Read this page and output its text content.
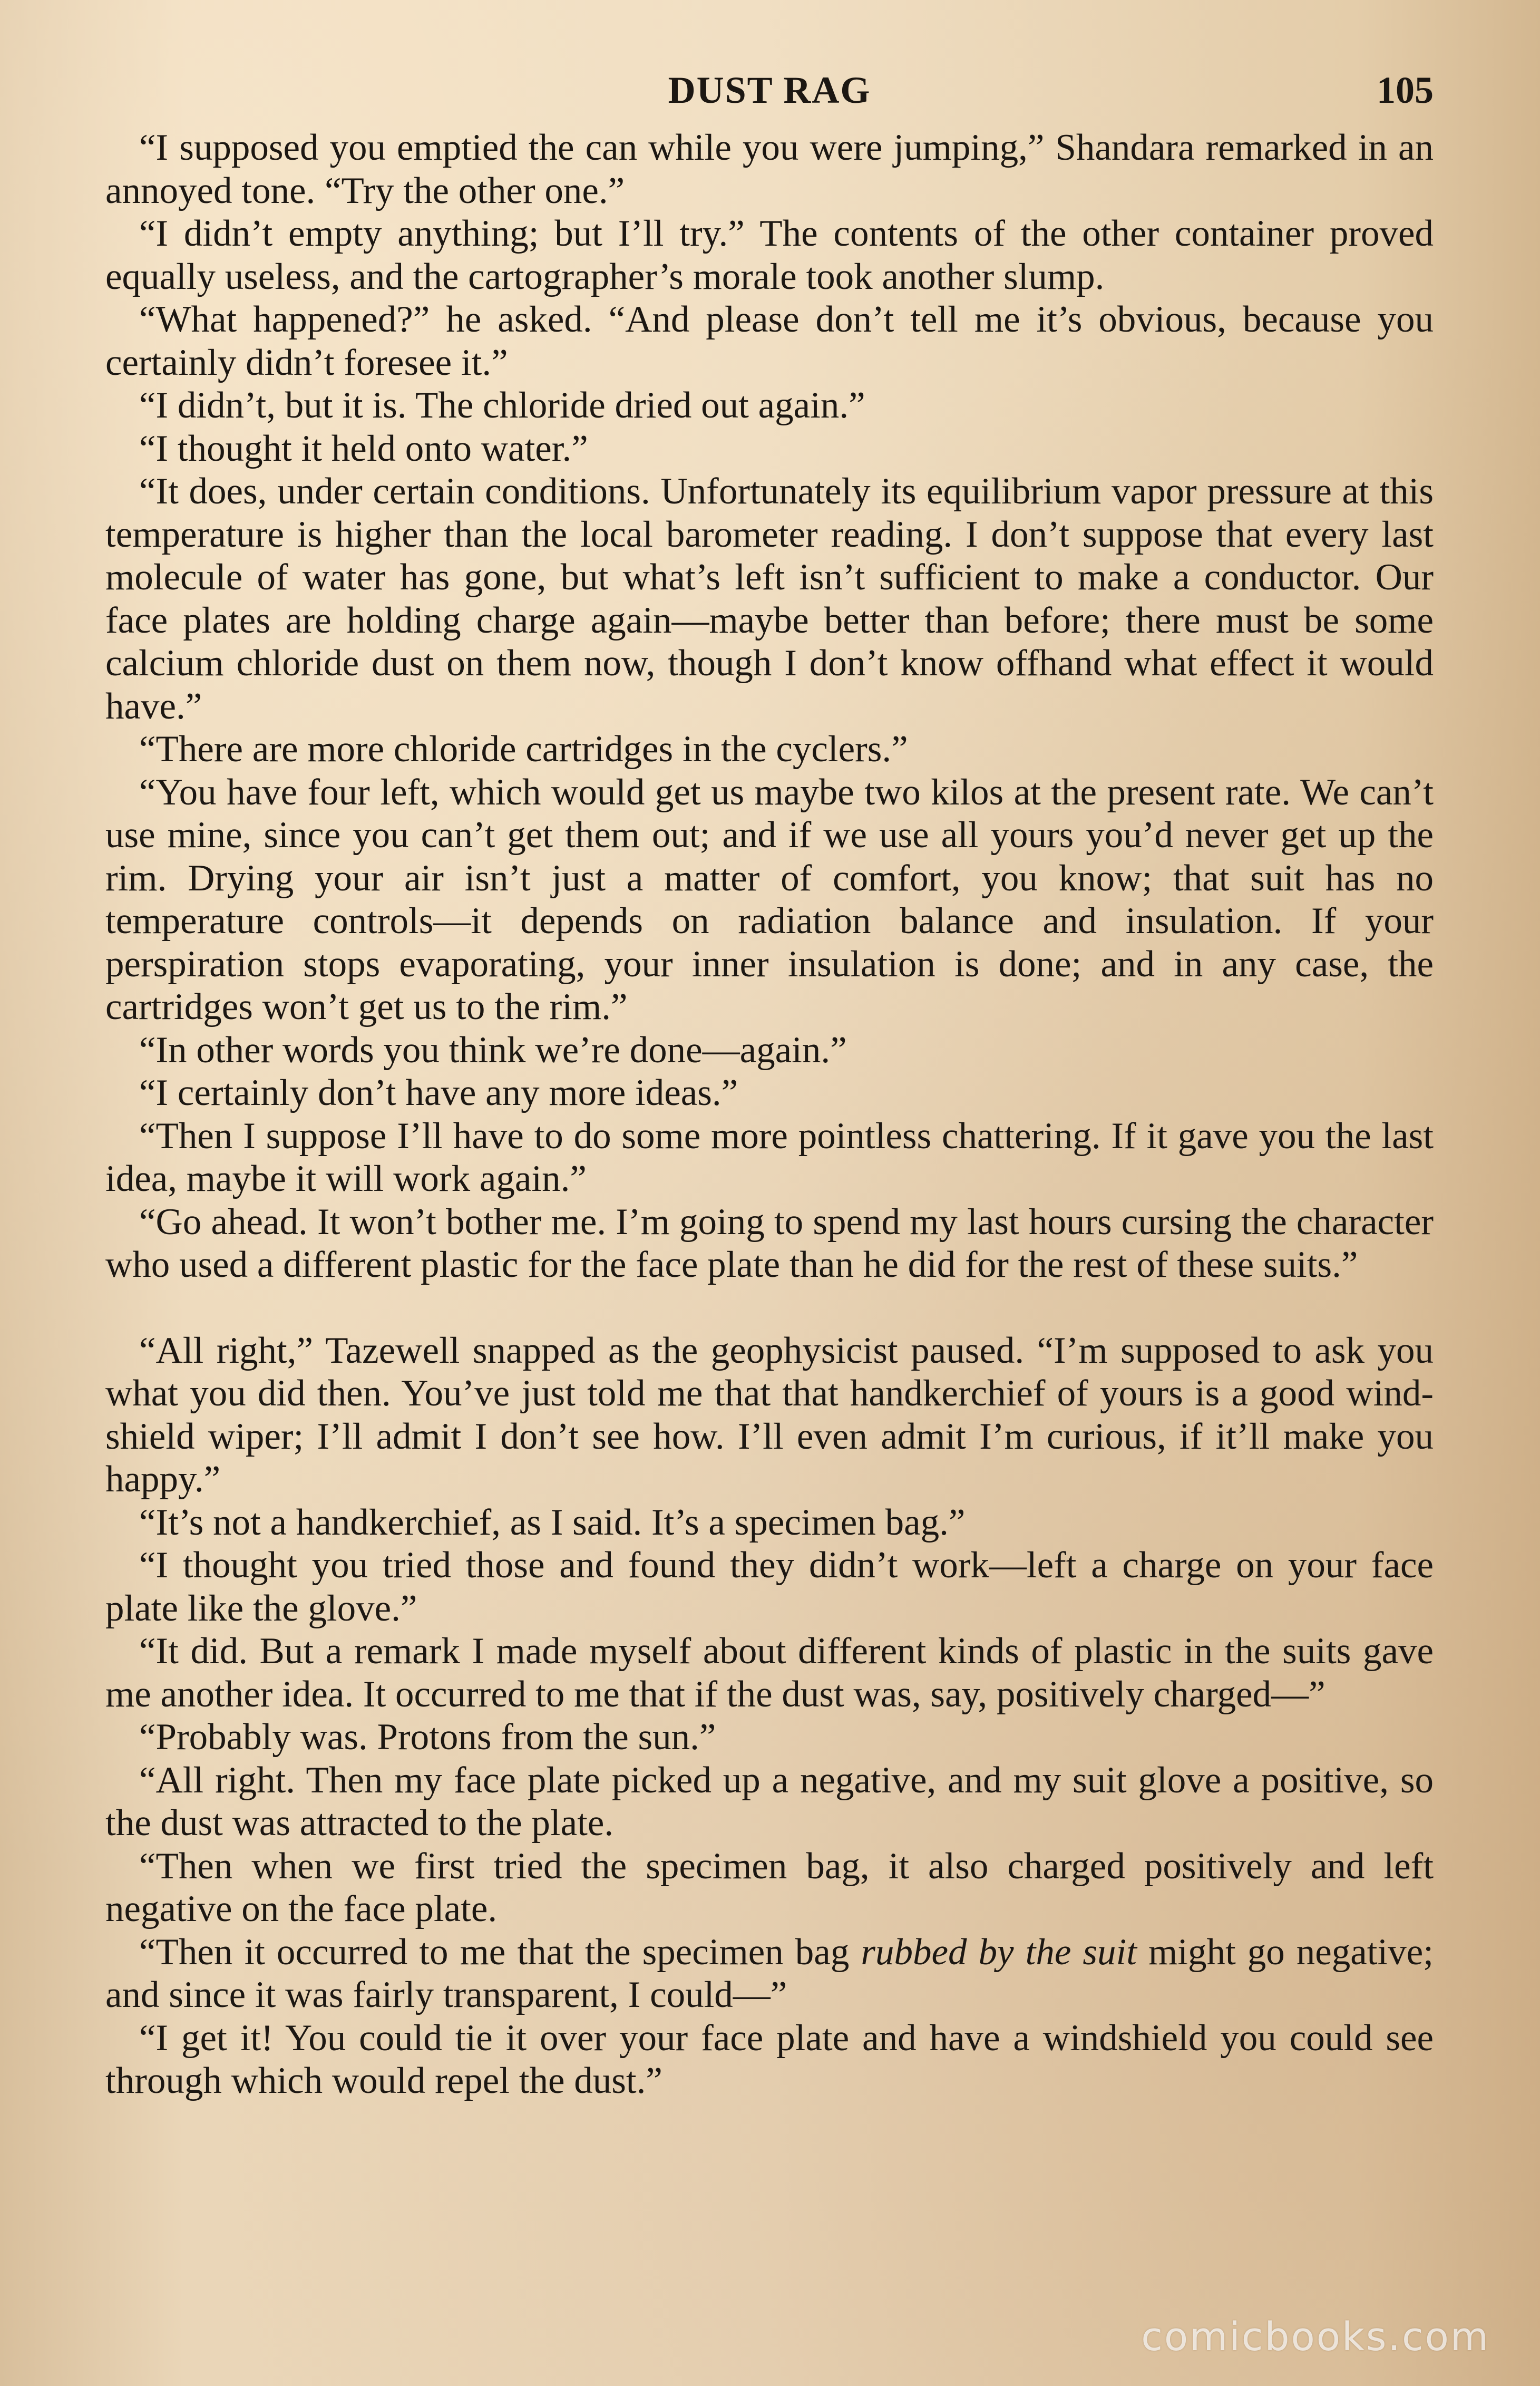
DUST RAG	105

“I supposed you emptied the can while you were jumping,” Shandara remarked in an annoyed tone. “Try the other one.”

“I didn’t empty anything; but I’ll try.” The contents of the other container proved equally useless, and the cartographer’s morale took another slump.

“What happened?” he asked. “And please don’t tell me it’s obvious, because you certainly didn’t foresee it.”

“I didn’t, but it is. The chloride dried out again.”

“I thought it held onto water.”

“It does, under certain conditions. Unfortunately its equilibrium vapor pressure at this temperature is higher than the local barometer reading. I don’t suppose that every last molecule of water has gone, but what’s left isn’t sufficient to make a conductor. Our face plates are holding charge again—maybe better than before; there must be some calcium chloride dust on them now, though I don’t know offhand what effect it would have.”

“There are more chloride cartridges in the cyclers.”

“You have four left, which would get us maybe two kilos at the present rate. We can’t use mine, since you can’t get them out; and if we use all yours you’d never get up the rim. Drying your air isn’t just a matter of comfort, you know; that suit has no temperature controls—it depends on radiation balance and insulation. If your perspiration stops evaporating, your inner insulation is done; and in any case, the cartridges won’t get us to the rim.”

“In other words you think we’re done—again.”

“I certainly don’t have any more ideas.”

“Then I suppose I’ll have to do some more pointless chattering. If it gave you the last idea, maybe it will work again.”

“Go ahead. It won’t bother me. I’m going to spend my last hours cursing the character who used a different plastic for the face plate than he did for the rest of these suits.”

“All right,” Tazewell snapped as the geophysicist paused. “I’m supposed to ask you what you did then. You’ve just told me that that handkerchief of yours is a good wind-shield wiper; I’ll admit I don’t see how. I’ll even admit I’m curious, if it’ll make you happy.”

“It’s not a handkerchief, as I said. It’s a specimen bag.”

“I thought you tried those and found they didn’t work—left a charge on your face plate like the glove.”

“It did. But a remark I made myself about different kinds of plastic in the suits gave me another idea. It occurred to me that if the dust was, say, positively charged—”

“Probably was. Protons from the sun.”

“All right. Then my face plate picked up a negative, and my suit glove a positive, so the dust was attracted to the plate.

“Then when we first tried the specimen bag, it also charged positively and left negative on the face plate.

“Then it occurred to me that the specimen bag rubbed by the suit might go negative; and since it was fairly transparent, I could—”

“I get it! You could tie it over your face plate and have a windshield you could see through which would repel the dust.”

comicbooks.com
